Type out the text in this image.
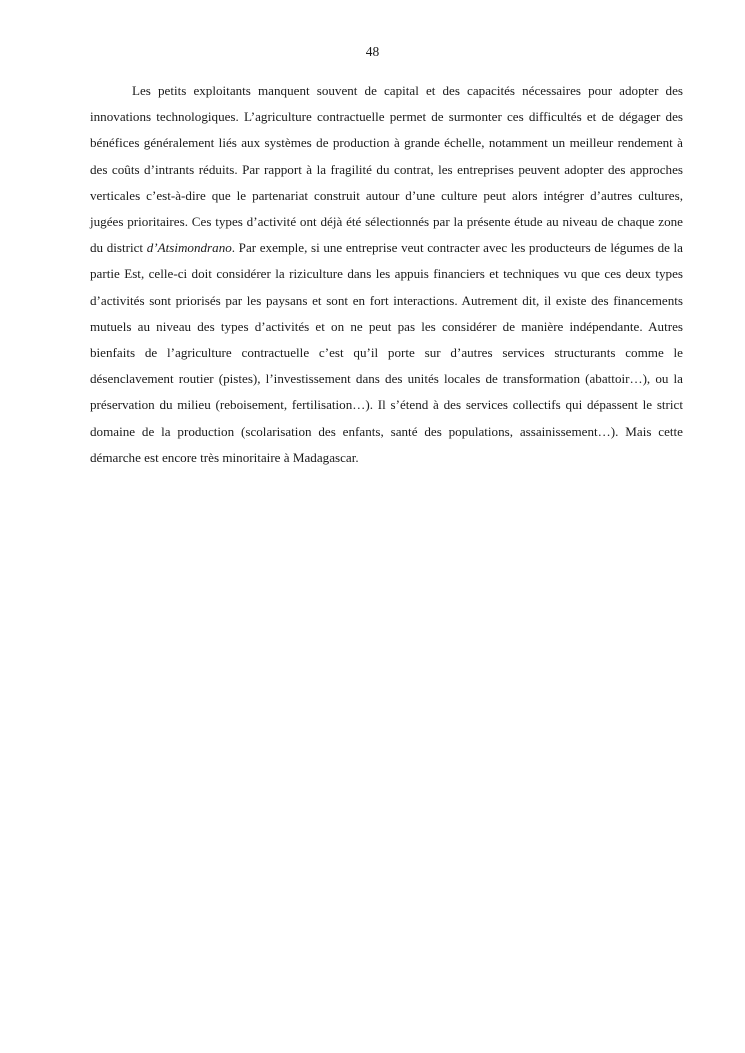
48

Les petits exploitants manquent souvent de capital et des capacités nécessaires pour adopter des innovations technologiques. L’agriculture contractuelle permet de surmonter ces difficultés et de dégager des bénéfices généralement liés aux systèmes de production à grande échelle, notamment un meilleur rendement à des coûts d’intrants réduits. Par rapport à la fragilité du contrat, les entreprises peuvent adopter des approches verticales c’est-à-dire que le partenariat construit autour d’une culture peut alors intégrer d’autres cultures, jugées prioritaires. Ces types d’activité ont déjà été sélectionnés par la présente étude au niveau de chaque zone du district d’Atsimondrano. Par exemple, si une entreprise veut contracter avec les producteurs de légumes de la partie Est, celle-ci doit considérer la riziculture dans les appuis financiers et techniques vu que ces deux types d’activités sont priorisés par les paysans et sont en fort interactions. Autrement dit, il existe des financements mutuels au niveau des types d’activités et on ne peut pas les considérer de manière indépendante. Autres bienfaits de l’agriculture contractuelle c’est qu’il porte sur d’autres services structurants comme le désenclavement routier (pistes), l’investissement dans des unités locales de transformation (abattoir…), ou la préservation du milieu (reboisement, fertilisation…). Il s’étend à des services collectifs qui dépassent le strict domaine de la production (scolarisation des enfants, santé des populations, assainissement…). Mais cette démarche est encore très minoritaire à Madagascar.
